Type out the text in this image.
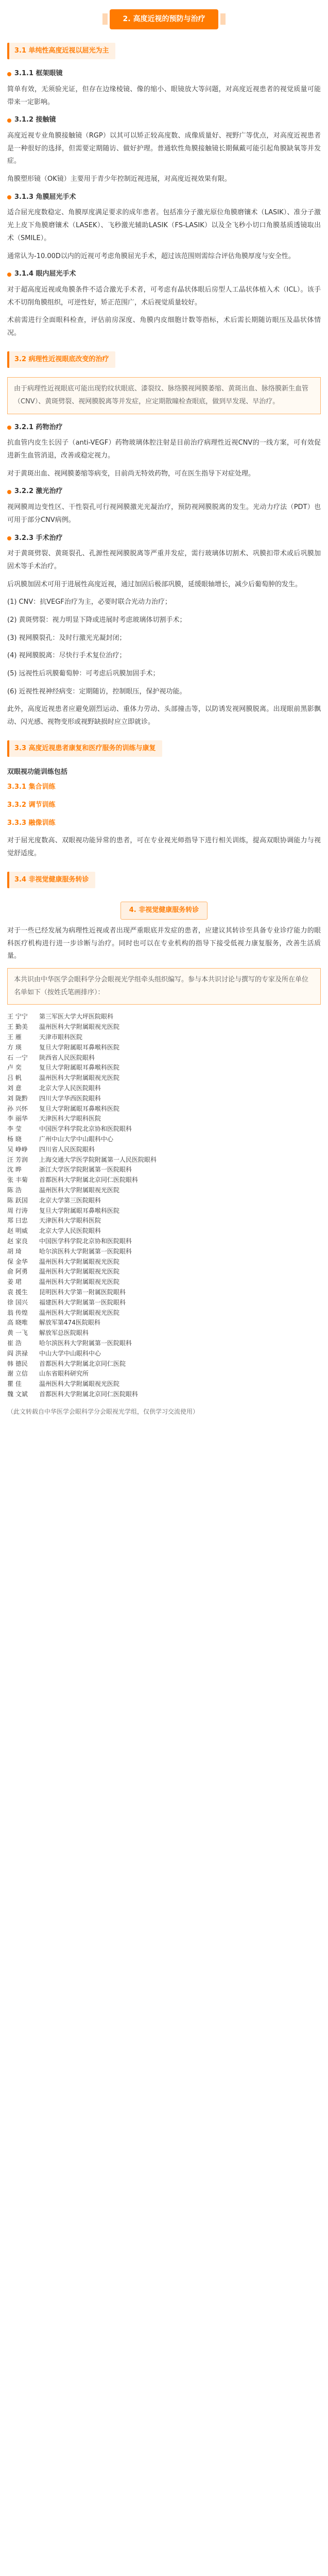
2. 高度近视的预防与治疗
3.1 单纯性高度近视以屈光为主
3.1.1 框架眼镜

简单有效，无须验光证，但存在边缘棱镜、像的缩小、眼镜放大等问题，对高度近视患者的视觉质量可能带来一定影响。

3.1.2 接触镜

高度近视专业角膜接触镜（RGP）以其可以矫正较高度数、成像质量好、视野广等优点，对高度近视患者是一种很好的选择，但需要定期随访、做好护理。普通软性角膜接触镜长期佩戴可能引起角膜缺氧等并发症。

角膜塑形镜（OK镜）主要用于青少年控制近视进展，对高度近视效果有限。

3.1.3 角膜屈光手术

适合屈光度数稳定、角膜厚度满足要求的成年患者。包括准分子激光原位角膜磨镶术（LASIK）、准分子激光上皮下角膜磨镶术（LASEK）、飞秒激光辅助LASIK（FS-LASIK）以及全飞秒小切口角膜基质透镜取出术（SMILE）。

通常认为-10.00D以内的近视可考虑角膜屈光手术，超过该范围则需综合评估角膜厚度与安全性。

3.1.4 眼内屈光手术

对于超高度近视或角膜条件不适合激光手术者，可考虑有晶状体眼后房型人工晶状体植入术（ICL）。该手术不切削角膜组织，可逆性好，矫正范围广，术后视觉质量较好。

术前需进行全面眼科检查，评估前房深度、角膜内皮细胞计数等指标，术后需长期随访眼压及晶状体情况。

3.2 病理性近视眼底改变的治疗
由于病理性近视眼底可能出现豹纹状眼底、漆裂纹、脉络膜视网膜萎缩、黄斑出血、脉络膜新生血管（CNV）、黄斑劈裂、视网膜脱离等并发症，应定期散瞳检查眼底，做到早发现、早治疗。
3.2.1 药物治疗

抗血管内皮生长因子（anti-VEGF）药物玻璃体腔注射是目前治疗病理性近视CNV的一线方案，可有效促进新生血管消退，改善或稳定视力。

对于黄斑出血、视网膜萎缩等病变，目前尚无特效药物，可在医生指导下对症处理。

3.2.2 激光治疗

视网膜周边变性区、干性裂孔可行视网膜激光光凝治疗，预防视网膜脱离的发生。光动力疗法（PDT）也可用于部分CNV病例。

3.2.3 手术治疗

对于黄斑劈裂、黄斑裂孔、孔源性视网膜脱离等严重并发症，需行玻璃体切割术、巩膜扣带术或后巩膜加固术等手术治疗。

后巩膜加固术可用于进展性高度近视，通过加固后极部巩膜，延缓眼轴增长，减少后葡萄肿的发生。

(1) CNV：抗VEGF治疗为主，必要时联合光动力治疗；

(2) 黄斑劈裂：视力明显下降或进展时考虑玻璃体切割手术；

(3) 视网膜裂孔：及时行激光光凝封闭；

(4) 视网膜脱离：尽快行手术复位治疗；

(5) 远视性后巩膜葡萄肿：可考虑后巩膜加固手术；

(6) 近视性视神经病变：定期随访，控制眼压，保护视功能。

此外，高度近视患者应避免剧烈运动、重体力劳动、头部撞击等，以防诱发视网膜脱离。出现眼前黑影飘动、闪光感、视物变形或视野缺损时应立即就诊。

3.3 高度近视患者康复和医疗服务的训练与康复
双眼视功能训练包括

3.3.1 集合训练

3.3.2 调节训练

3.3.3 融像训练

对于屈光度数高、双眼视功能异常的患者，可在专业视光师指导下进行相关训练，提高双眼协调能力与视觉舒适度。

3.4 非视觉健康服务转诊
4. 非视觉健康服务转诊

对于一些已经发展为病理性近视或者出现严重眼底并发症的患者，应建议其转诊至具备专业诊疗能力的眼科医疗机构进行进一步诊断与治疗。同时也可以在专业机构的指导下接受低视力康复服务，改善生活质量。

本共识由中华医学会眼科学分会眼视光学组牵头组织编写。参与本共识讨论与撰写的专家及所在单位名单如下（按姓氏笔画排序）：
王 宁宁	第三军医大学大坪医院眼科
王 勤美	温州医科大学附属眼视光医院
王 雁	天津市眼科医院
方 瑛	复旦大学附属眼耳鼻喉科医院
石 一宁	陕西省人民医院眼科
卢 奕	复旦大学附属眼耳鼻喉科医院
吕 帆	温州医科大学附属眼视光医院
刘 意	北京大学人民医院眼科
刘 陇黔	四川大学华西医院眼科
孙 兴怀	复旦大学附属眼耳鼻喉科医院
李 丽华	天津医科大学眼科医院
李 莹	中国医学科学院北京协和医院眼科
杨 晓	广州中山大学中山眼科中心
吴 峥峥	四川省人民医院眼科
汪 芳润	上海交通大学医学院附属第一人民医院眼科
沈 晔	浙江大学医学院附属第一医院眼科
张 丰菊	首都医科大学附属北京同仁医院眼科
陈 浩	温州医科大学附属眼视光医院
陈 跃国	北京大学第三医院眼科
周 行涛	复旦大学附属眼耳鼻喉科医院
郑 曰忠	天津医科大学眼科医院
赵 明威	北京大学人民医院眼科
赵 家良	中国医学科学院北京协和医院眼科
胡 琦	哈尔滨医科大学附属第一医院眼科
保 金华	温州医科大学附属眼视光医院
俞 阿勇	温州医科大学附属眼视光医院
姜 珺	温州医科大学附属眼视光医院
袁 援生	昆明医科大学第一附属医院眼科
徐 国兴	福建医科大学附属第一医院眼科
翁 传煌	温州医科大学附属眼视光医院
高 晓唯	解放军第474医院眼科
黄 一飞	解放军总医院眼科
崔 浩	哈尔滨医科大学附属第一医院眼科
阎 洪禄	中山大学中山眼科中心
韩 德民	首都医科大学附属北京同仁医院
谢 立信	山东省眼科研究所
瞿 佳	温州医科大学附属眼视光医院
魏 文斌	首都医科大学附属北京同仁医院眼科
（此文转载自中华医学会眼科学分会眼视光学组，仅供学习交流使用）
